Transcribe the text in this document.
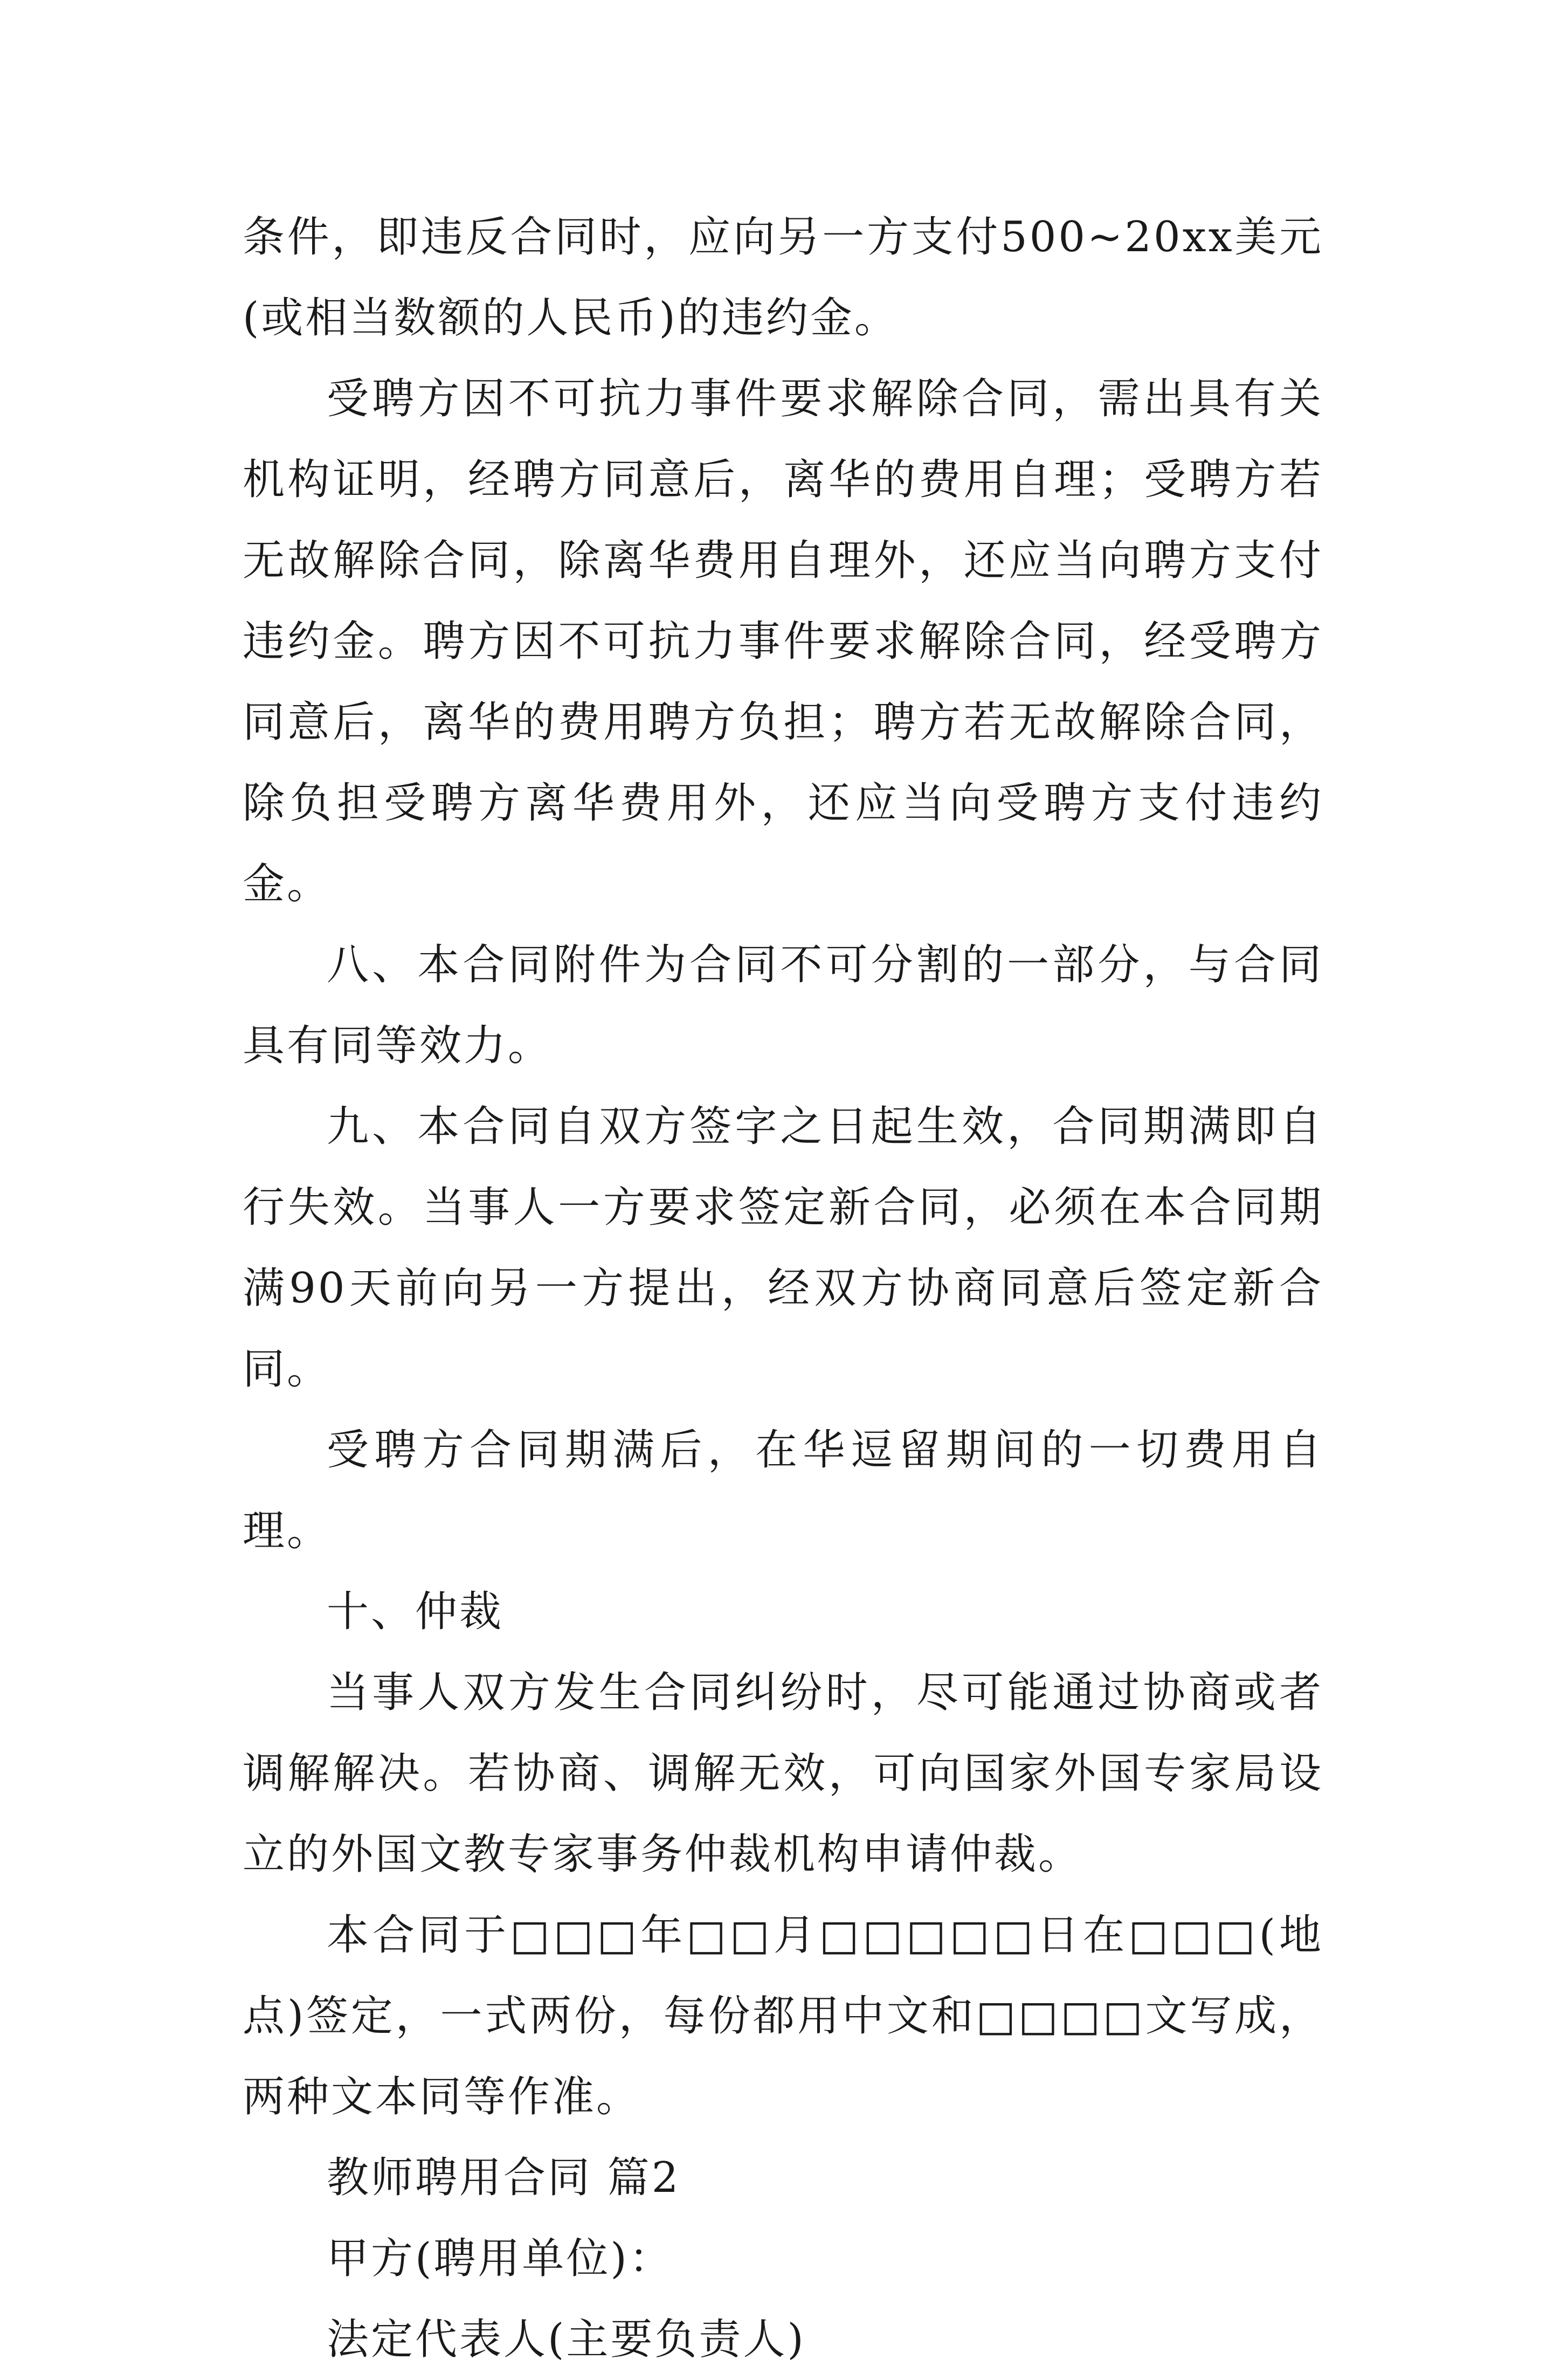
条件，即违反合同时，应向另一方支付500~20xx美元(或相当数额的人民币)的违约金。

受聘方因不可抗力事件要求解除合同，需出具有关机构证明，经聘方同意后，离华的费用自理；受聘方若无故解除合同，除离华费用自理外，还应当向聘方支付违约金。聘方因不可抗力事件要求解除合同，经受聘方同意后，离华的费用聘方负担；聘方若无故解除合同，除负担受聘方离华费用外，还应当向受聘方支付违约金。

八、本合同附件为合同不可分割的一部分，与合同具有同等效力。

九、本合同自双方签字之日起生效，合同期满即自行失效。当事人一方要求签定新合同，必须在本合同期满90天前向另一方提出，经双方协商同意后签定新合同。

受聘方合同期满后，在华逗留期间的一切费用自理。

十、仲裁

当事人双方发生合同纠纷时，尽可能通过协商或者调解解决。若协商、调解无效，可向国家外国专家局设立的外国文教专家事务仲裁机构申请仲裁。

本合同于□□□年□□月□□□□□日在□□□(地点)签定，一式两份，每份都用中文和□□□□文写成，两种文本同等作准。

教师聘用合同 篇2

甲方(聘用单位)：

法定代表人(主要负责人)
